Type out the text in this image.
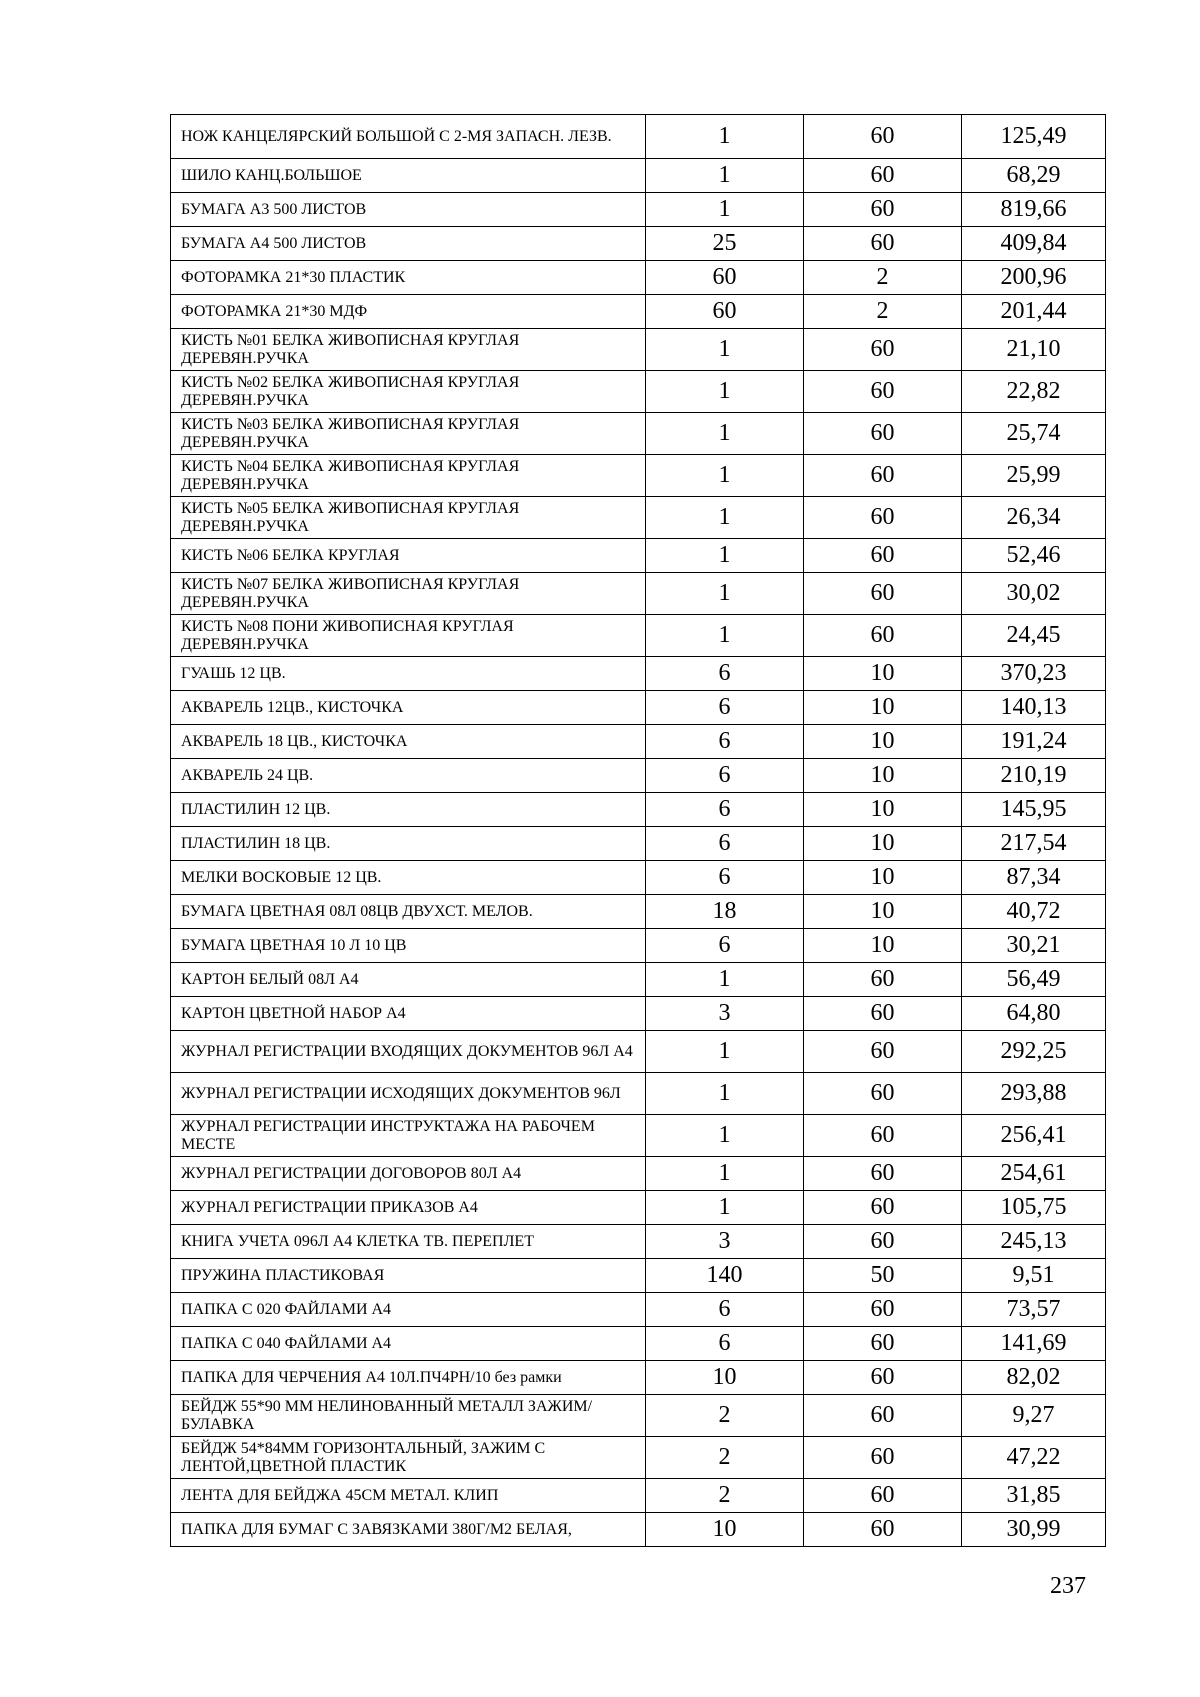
НОЖ КАНЦЕЛЯРСКИЙ БОЛЬШОЙ С 2-МЯ ЗАПАСН. ЛЕЗВ.	1	60	125,49
ШИЛО КАНЦ.БОЛЬШОЕ	1	60	68,29
БУМАГА А3 500 ЛИСТОВ	1	60	819,66
БУМАГА А4 500 ЛИСТОВ	25	60	409,84
ФОТОРАМКА 21*30 ПЛАСТИК	60	2	200,96
ФОТОРАМКА 21*30 МДФ	60	2	201,44
КИСТЬ №01 БЕЛКА ЖИВОПИСНАЯ КРУГЛАЯ ДЕРЕВЯН.РУЧКА	1	60	21,10
КИСТЬ №02 БЕЛКА ЖИВОПИСНАЯ КРУГЛАЯ ДЕРЕВЯН.РУЧКА	1	60	22,82
КИСТЬ №03 БЕЛКА ЖИВОПИСНАЯ КРУГЛАЯ ДЕРЕВЯН.РУЧКА	1	60	25,74
КИСТЬ №04 БЕЛКА ЖИВОПИСНАЯ КРУГЛАЯ ДЕРЕВЯН.РУЧКА	1	60	25,99
КИСТЬ №05 БЕЛКА ЖИВОПИСНАЯ КРУГЛАЯ ДЕРЕВЯН.РУЧКА	1	60	26,34
КИСТЬ №06 БЕЛКА КРУГЛАЯ	1	60	52,46
КИСТЬ №07 БЕЛКА ЖИВОПИСНАЯ КРУГЛАЯ ДЕРЕВЯН.РУЧКА	1	60	30,02
КИСТЬ №08 ПОНИ ЖИВОПИСНАЯ КРУГЛАЯ ДЕРЕВЯН.РУЧКА	1	60	24,45
ГУАШЬ 12 ЦВ.	6	10	370,23
АКВАРЕЛЬ 12ЦВ., КИСТОЧКА	6	10	140,13
АКВАРЕЛЬ 18 ЦВ., КИСТОЧКА	6	10	191,24
АКВАРЕЛЬ 24 ЦВ.	6	10	210,19
ПЛАСТИЛИН 12 ЦВ.	6	10	145,95
ПЛАСТИЛИН 18 ЦВ.	6	10	217,54
МЕЛКИ ВОСКОВЫЕ 12 ЦВ.	6	10	87,34
БУМАГА ЦВЕТНАЯ 08Л 08ЦВ ДВУХСТ. МЕЛОВ.	18	10	40,72
БУМАГА ЦВЕТНАЯ 10 Л 10 ЦВ	6	10	30,21
КАРТОН БЕЛЫЙ 08Л А4	1	60	56,49
КАРТОН ЦВЕТНОЙ НАБОР А4	3	60	64,80
ЖУРНАЛ РЕГИСТРАЦИИ ВХОДЯЩИХ ДОКУМЕНТОВ 96Л А4	1	60	292,25
ЖУРНАЛ РЕГИСТРАЦИИ ИСХОДЯЩИХ ДОКУМЕНТОВ 96Л	1	60	293,88
ЖУРНАЛ РЕГИСТРАЦИИ ИНСТРУКТАЖА НА РАБОЧЕМ МЕСТЕ	1	60	256,41
ЖУРНАЛ РЕГИСТРАЦИИ ДОГОВОРОВ 80Л А4	1	60	254,61
ЖУРНАЛ РЕГИСТРАЦИИ ПРИКАЗОВ А4	1	60	105,75
КНИГА УЧЕТА 096Л А4 КЛЕТКА ТВ. ПЕРЕПЛЕТ	3	60	245,13
ПРУЖИНА ПЛАСТИКОВАЯ	140	50	9,51
ПАПКА С 020 ФАЙЛАМИ А4	6	60	73,57
ПАПКА С 040 ФАЙЛАМИ А4	6	60	141,69
ПАПКА ДЛЯ ЧЕРЧЕНИЯ А4 10Л.ПЧ4РН/10 без рамки	10	60	82,02
БЕЙДЖ 55*90 ММ НЕЛИНОВАННЫЙ МЕТАЛЛ ЗАЖИМ/БУЛАВКА	2	60	9,27
БЕЙДЖ 54*84ММ ГОРИЗОНТАЛЬНЫЙ, ЗАЖИМ С ЛЕНТОЙ,ЦВЕТНОЙ ПЛАСТИК	2	60	47,22
ЛЕНТА ДЛЯ БЕЙДЖА 45СМ МЕТАЛ. КЛИП	2	60	31,85
ПАПКА ДЛЯ БУМАГ С ЗАВЯЗКАМИ 380Г/М2 БЕЛАЯ,	10	60	30,99
237
